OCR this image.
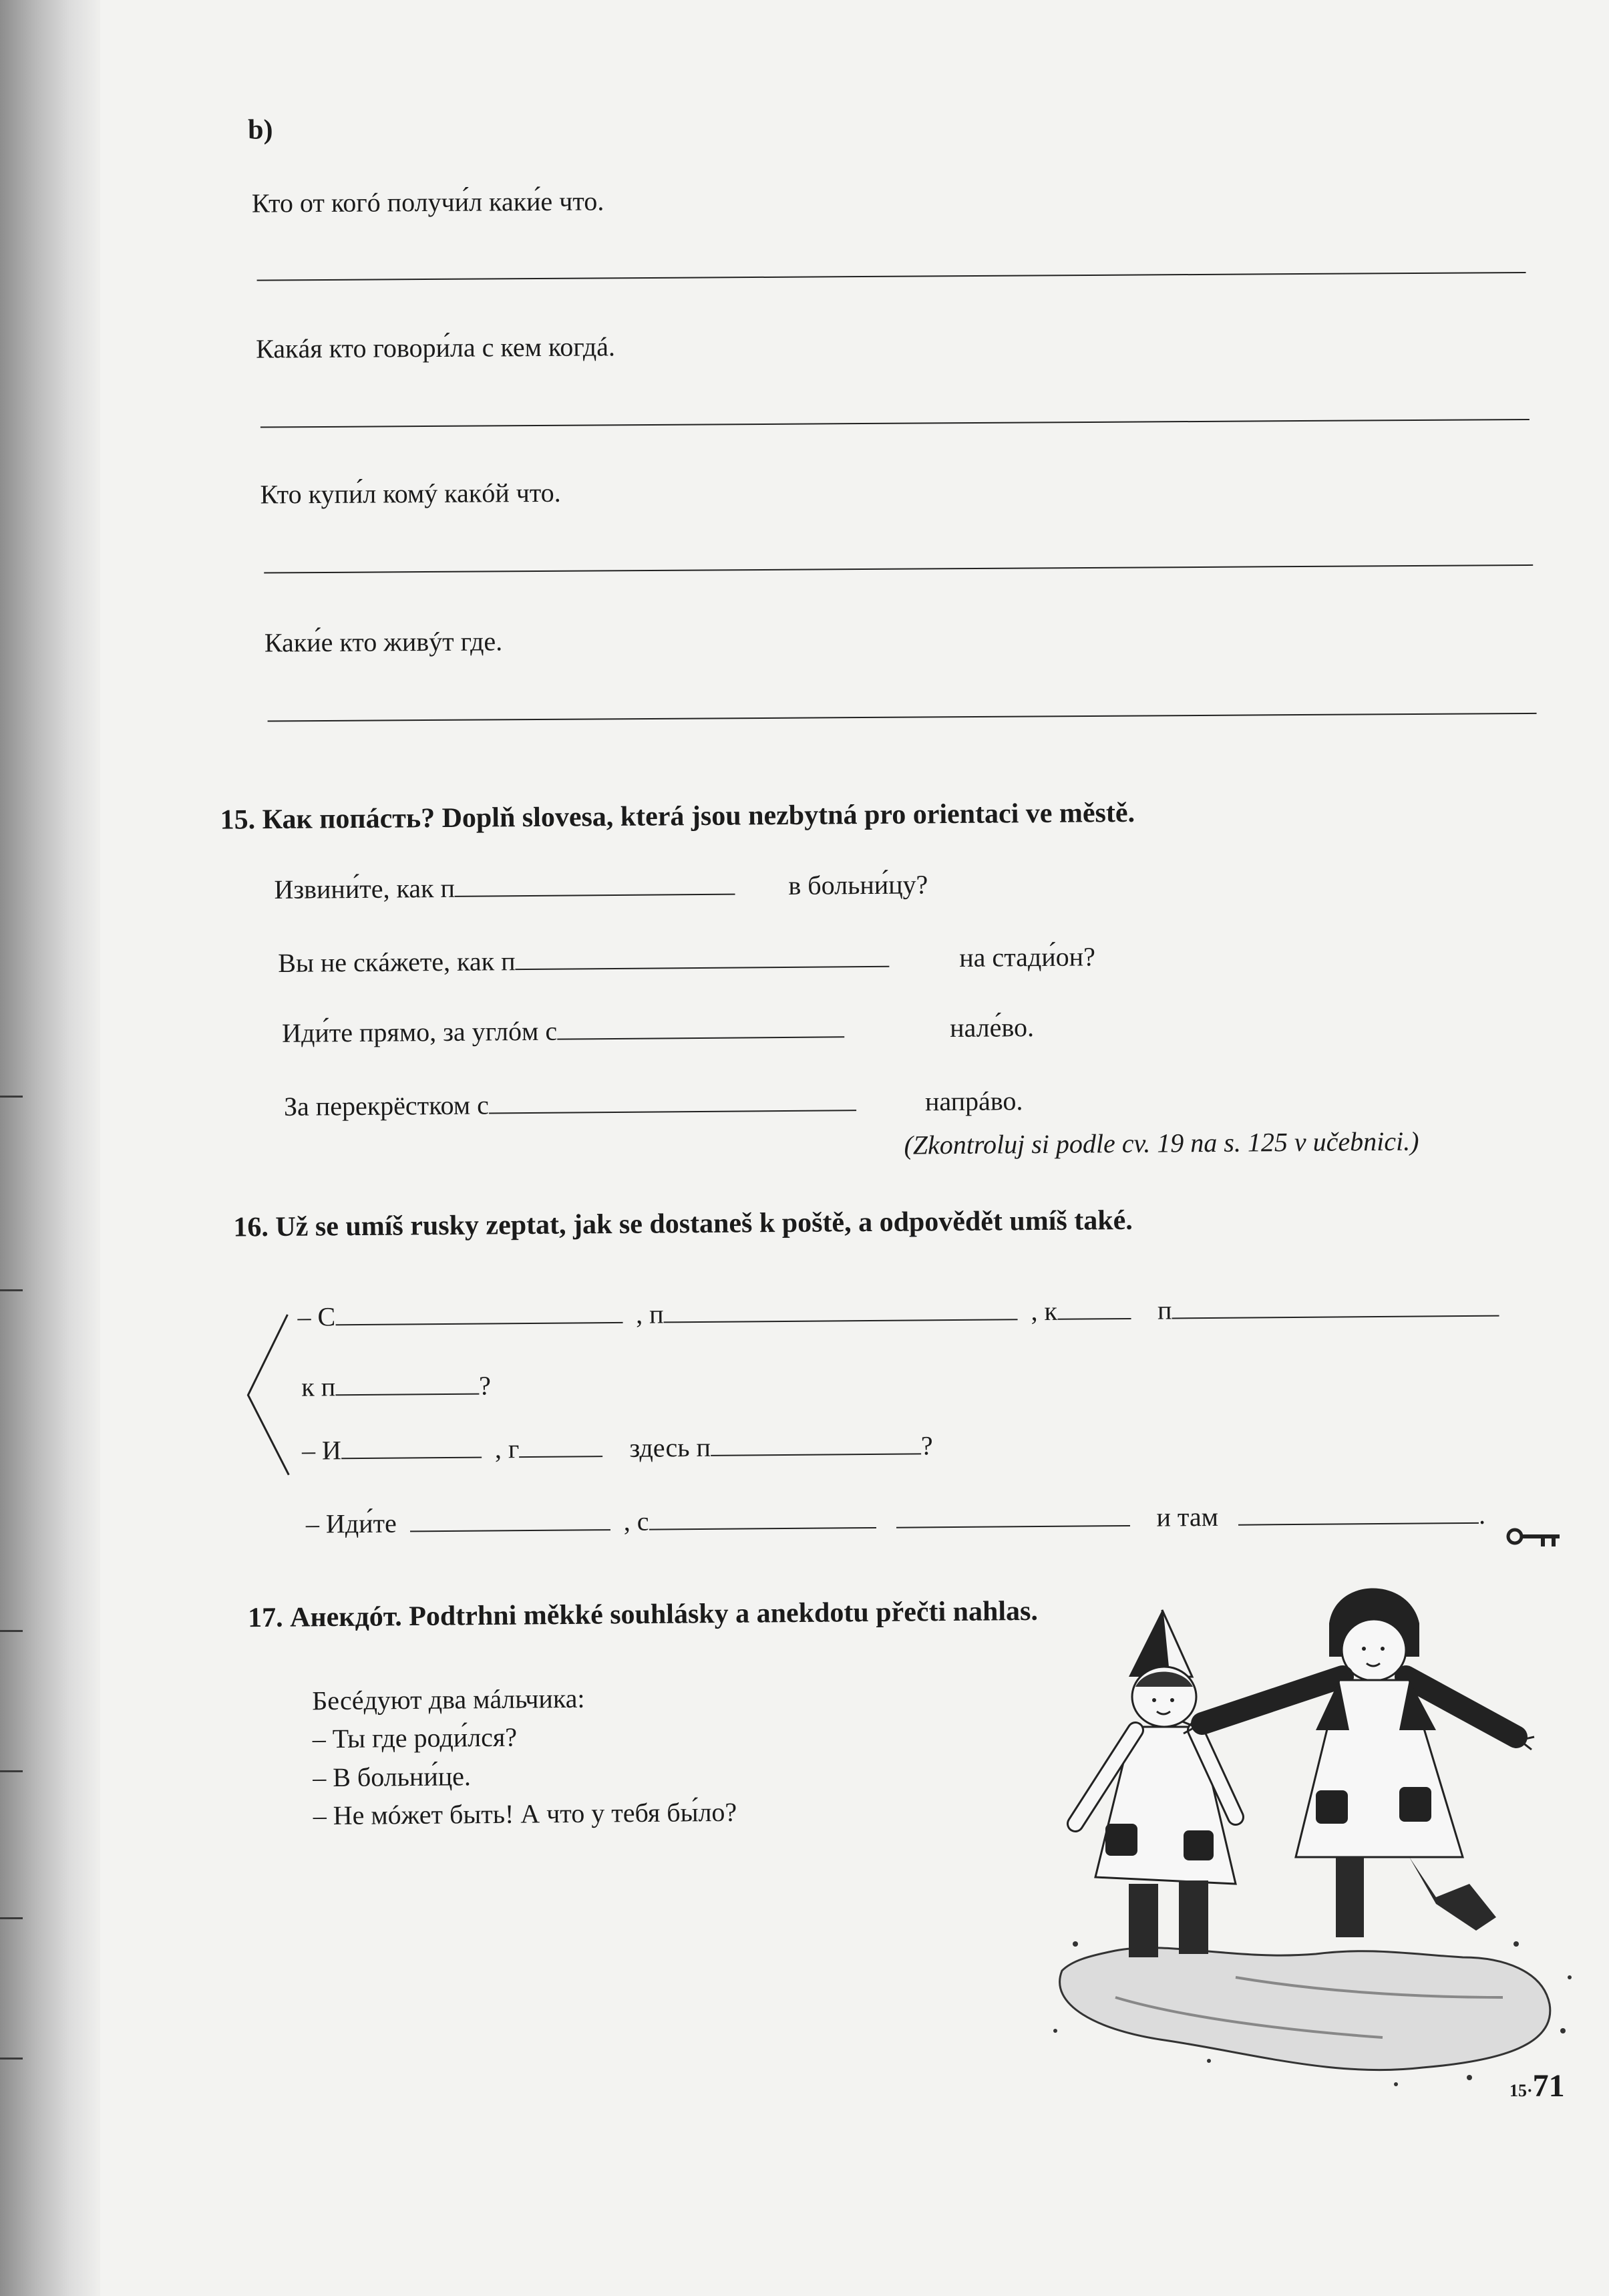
b)
Кто от когó получи́л каки́е что.
Какáя кто говори́ла с кем когдá.
Кто купи́л комý какóй что.
Каки́е кто живýт где.
15. Как попáсть? Doplň slovesa, která jsou nezbytná pro orientaci ve městě.
Извини́те, как п	в больни́цу?
Вы не скáжете, как п	на стади́он?
Иди́те прямо, за углóм с	нале́во.
За перекрёстком с	напрáво.
(Zkontroluj si podle cv. 19 na s. 125 v učebnici.)
16. Už se umíš rusky zeptat, jak se dostaneš k poště, a odpovědět umíš také.
– С	, п	, к	п
к п	?
– И	, г	здесь п	?
– Иди́те	, с	и там	.
17. Анекдóт. Podtrhni měkké souhlásky a anekdotu přečti nahlas.
Бесéдуют два мáльчика:
– Ты где роди́лся?
– В больни́це.
– Не мóжет быть! А что у тебя бы́ло?
15·71
